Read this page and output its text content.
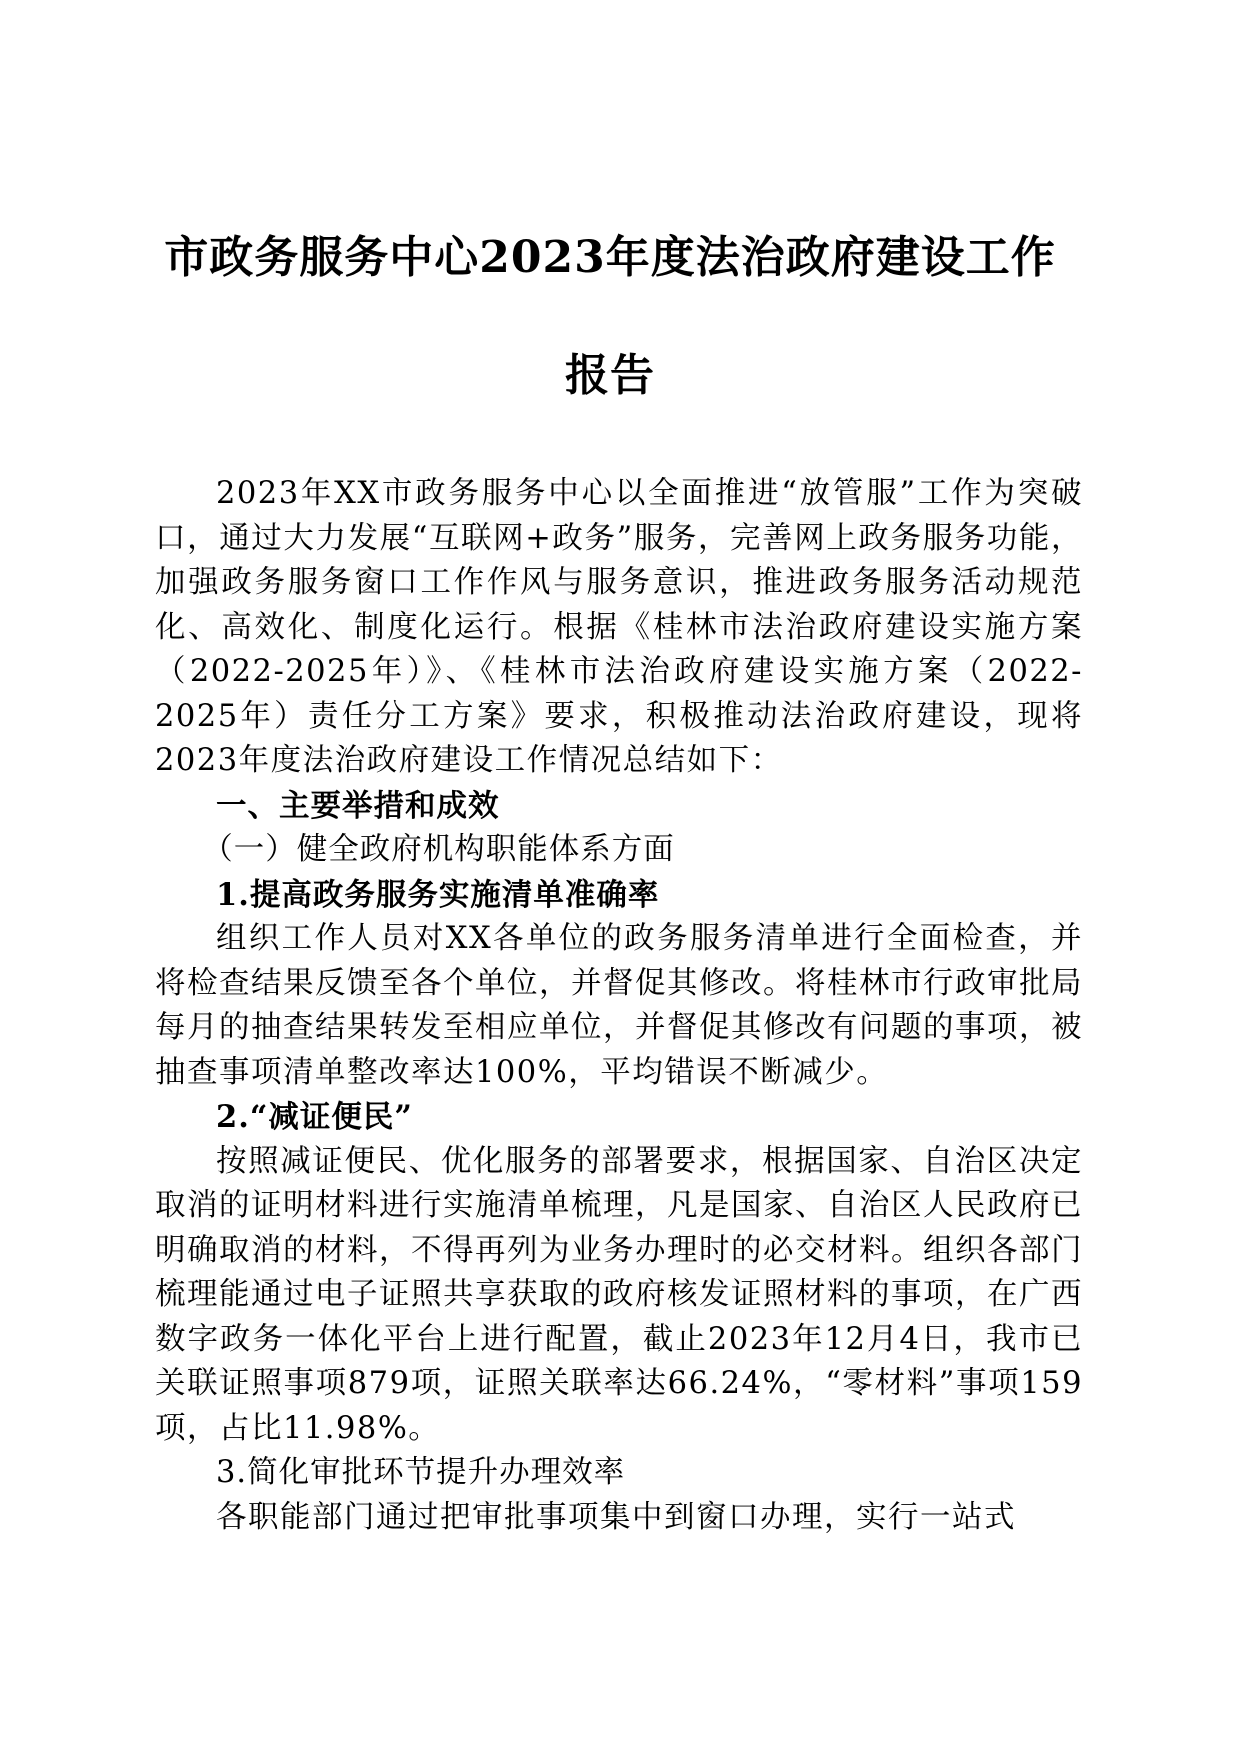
市政务服务中心2023年度法治政府建设工作
报告

2023年XX市政务服务中心以全面推进“放管服”工作为突破口，通过大力发展“互联网+政务”服务，完善网上政务服务功能，加强政务服务窗口工作作风与服务意识，推进政务服务活动规范化、高效化、制度化运行。根据《桂林市法治政府建设实施方案（2022-2025年）》、《桂林市法治政府建设实施方案（2022-2025年）责任分工方案》要求，积极推动法治政府建设，现将2023年度法治政府建设工作情况总结如下：

一、主要举措和成效

（一）健全政府机构职能体系方面

1.提高政务服务实施清单准确率

组织工作人员对XX各单位的政务服务清单进行全面检查，并将检查结果反馈至各个单位，并督促其修改。将桂林市行政审批局每月的抽查结果转发至相应单位，并督促其修改有问题的事项，被抽查事项清单整改率达100%，平均错误不断减少。

2.“减证便民”

按照减证便民、优化服务的部署要求，根据国家、自治区决定取消的证明材料进行实施清单梳理，凡是国家、自治区人民政府已明确取消的材料，不得再列为业务办理时的必交材料。组织各部门梳理能通过电子证照共享获取的政府核发证照材料的事项，在广西数字政务一体化平台上进行配置，截止2023年12月4日，我市已关联证照事项879项，证照关联率达66.24%，“零材料”事项159项，占比11.98%。

3.简化审批环节提升办理效率

各职能部门通过把审批事项集中到窗口办理，实行一站式
